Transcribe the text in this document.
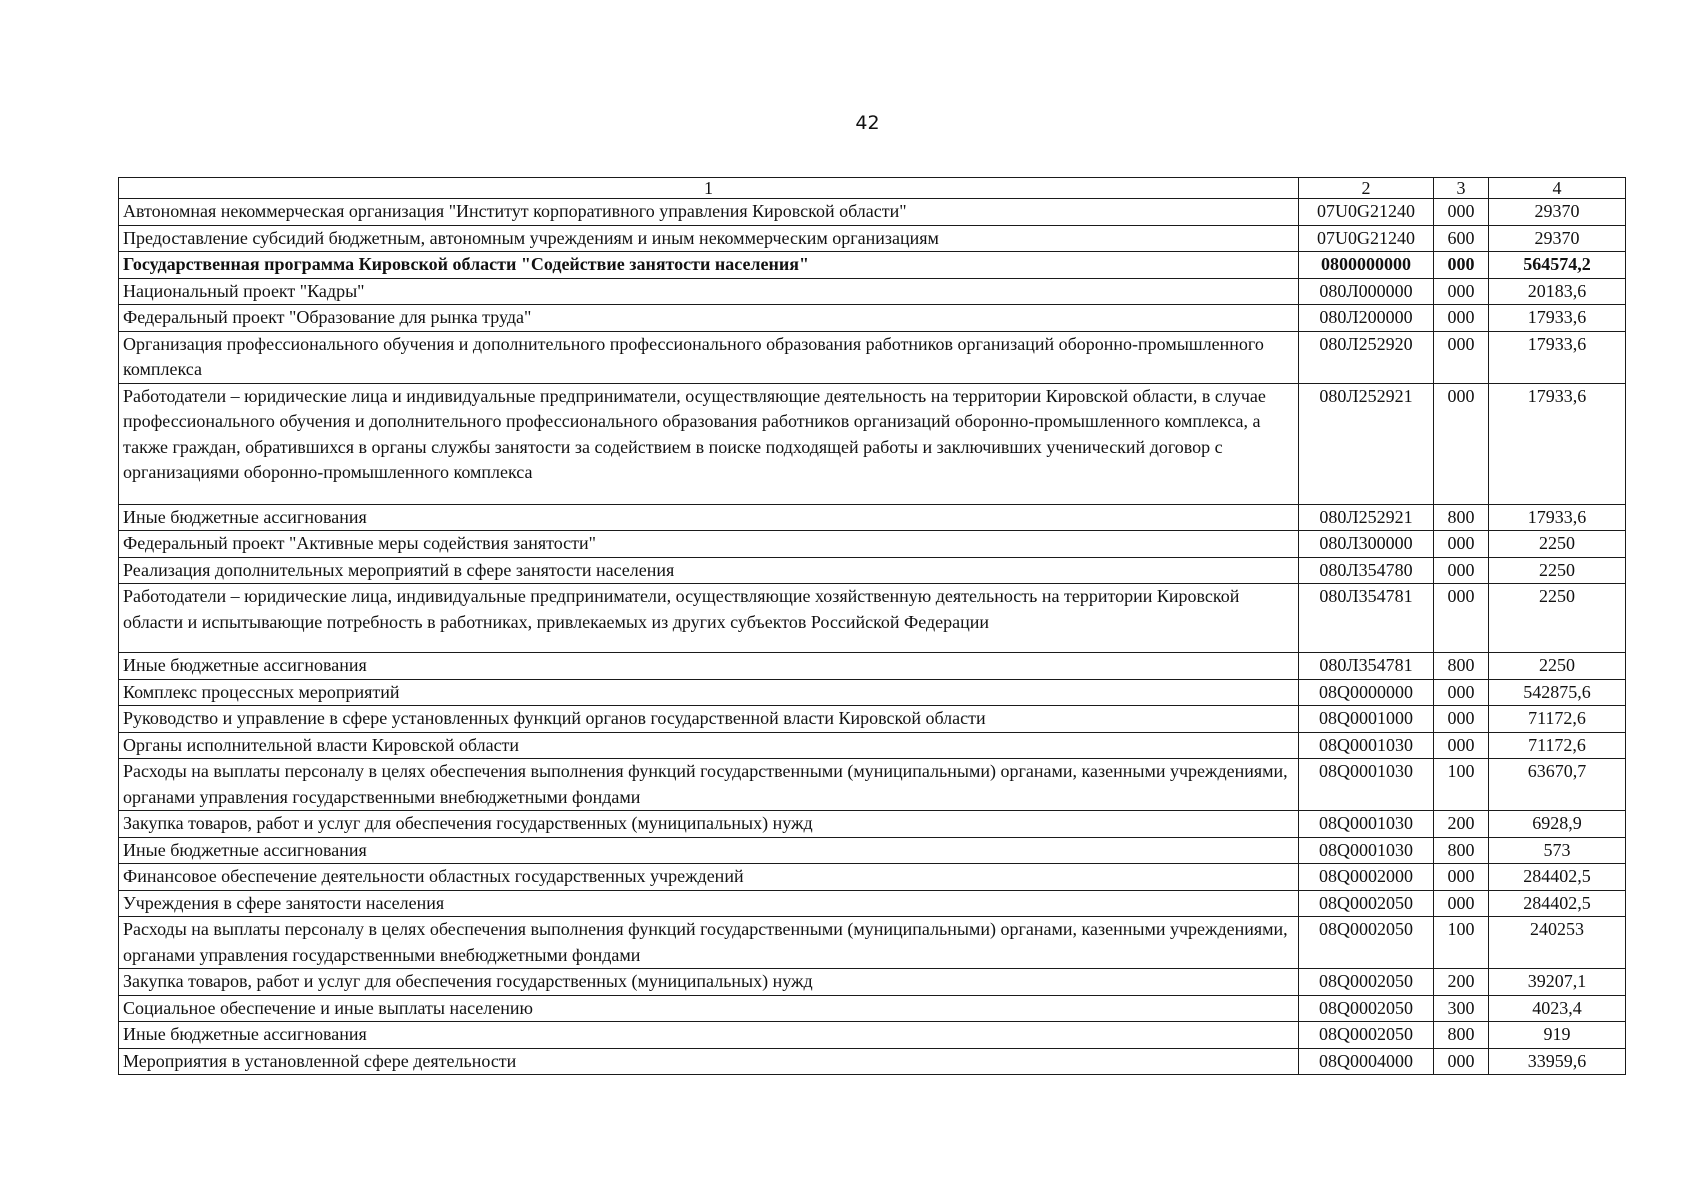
42
1	2	3	4
Автономная некоммерческая организация "Институт корпоративного управления Кировской области"	07U0G21240	000	29370
Предоставление субсидий бюджетным, автономным учреждениям и иным некоммерческим организациям	07U0G21240	600	29370
Государственная программа Кировской области "Содействие занятости населения"	0800000000	000	564574,2
Национальный проект "Кадры"	080Л000000	000	20183,6
Федеральный проект "Образование для рынка труда"	080Л200000	000	17933,6
Организация профессионального обучения и дополнительного профессионального образования работников организаций оборонно-промышленного комплекса	080Л252920	000	17933,6
Работодатели – юридические лица и индивидуальные предприниматели, осуществляющие деятельность на территории Кировской области, в случае профессионального обучения и дополнительного профессионального образования работников организаций оборонно-промышленного комплекса, а также граждан, обратившихся в органы службы занятости за содействием в поиске подходящей работы и заключивших ученический договор с организациями оборонно-промышленного комплекса	080Л252921	000	17933,6
Иные бюджетные ассигнования	080Л252921	800	17933,6
Федеральный проект "Активные меры содействия занятости"	080Л300000	000	2250
Реализация дополнительных мероприятий в сфере занятости населения	080Л354780	000	2250
Работодатели – юридические лица, индивидуальные предприниматели, осуществляющие хозяйственную деятельность на территории Кировской области и испытывающие потребность в работниках, привлекаемых из других субъектов Российской Федерации	080Л354781	000	2250
Иные бюджетные ассигнования	080Л354781	800	2250
Комплекс процессных мероприятий	08Q0000000	000	542875,6
Руководство и управление в сфере установленных функций органов государственной власти Кировской области	08Q0001000	000	71172,6
Органы исполнительной власти Кировской области	08Q0001030	000	71172,6
Расходы на выплаты персоналу в целях обеспечения выполнения функций государственными (муниципальными) органами, казенными учреждениями, органами управления государственными внебюджетными фондами	08Q0001030	100	63670,7
Закупка товаров, работ и услуг для обеспечения государственных (муниципальных) нужд	08Q0001030	200	6928,9
Иные бюджетные ассигнования	08Q0001030	800	573
Финансовое обеспечение деятельности областных государственных учреждений	08Q0002000	000	284402,5
Учреждения в сфере занятости населения	08Q0002050	000	284402,5
Расходы на выплаты персоналу в целях обеспечения выполнения функций государственными (муниципальными) органами, казенными учреждениями, органами управления государственными внебюджетными фондами	08Q0002050	100	240253
Закупка товаров, работ и услуг для обеспечения государственных (муниципальных) нужд	08Q0002050	200	39207,1
Социальное обеспечение и иные выплаты населению	08Q0002050	300	4023,4
Иные бюджетные ассигнования	08Q0002050	800	919
Мероприятия в установленной сфере деятельности	08Q0004000	000	33959,6
